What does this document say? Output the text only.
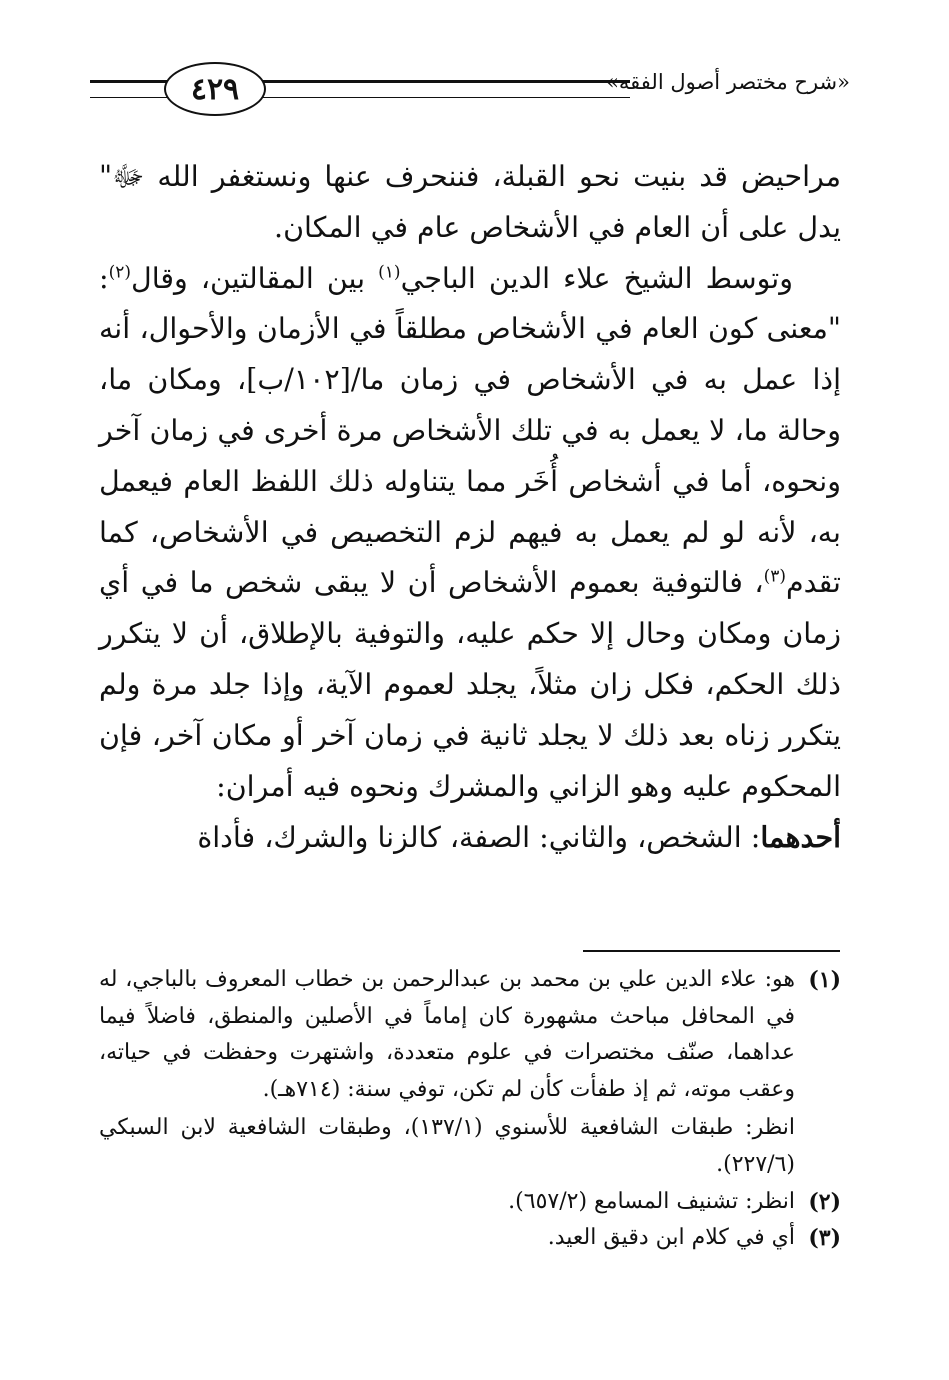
٤٢٩	«شرح مختصر أصول الفقه»

مراحيض قد بنيت نحو القبلة، فننحرف عنها ونستغفر الله ﷻ" يدل على أن العام في الأشخاص عام في المكان.

وتوسط الشيخ علاء الدين الباجي$^{(١)}$ بين المقالتين، وقال$^{(٢)}$: "معنى كون العام في الأشخاص مطلقاً في الأزمان والأحوال، أنه إذا عمل به في الأشخاص في زمان ما/[١٠٢/ب]، ومكان ما، وحالة ما، لا يعمل به في تلك الأشخاص مرة أخرى في زمان آخر ونحوه، أما في أشخاص أُخَر مما يتناوله ذلك اللفظ العام فيعمل به، لأنه لو لم يعمل به فيهم لزم التخصيص في الأشخاص، كما تقدم$^{(٣)}$، فالتوفية بعموم الأشخاص أن لا يبقى شخص ما في أي زمان ومكان وحال إلا حكم عليه، والتوفية بالإطلاق، أن لا يتكرر ذلك الحكم، فكل زان مثلاً، يجلد لعموم الآية، وإذا جلد مرة ولم يتكرر زناه بعد ذلك لا يجلد ثانية في زمان آخر أو مكان آخر، فإن المحكوم عليه وهو الزاني والمشرك ونحوه فيه أمران:

أحدهما: الشخص، والثاني: الصفة، كالزنا والشرك، فأداة

(١)
هو: علاء الدين علي بن محمد بن عبدالرحمن بن خطاب المعروف بالباجي، له في المحافل مباحث مشهورة كان إماماً في الأصلين والمنطق، فاضلاً فيما عداهما، صنّف مختصرات في علوم متعددة، واشتهرت وحفظت في حياته، وعقب موته، ثم إذ طفأت كأن لم تكن، توفي سنة: (٧١٤هـ).
انظر: طبقات الشافعية للأسنوي (١٣٧/١)، وطبقات الشافعية لابن السبكي (٢٢٧/٦).
(٢)
انظر: تشنيف المسامع (٦٥٧/٢).
(٣)
أي في كلام ابن دقيق العيد.
